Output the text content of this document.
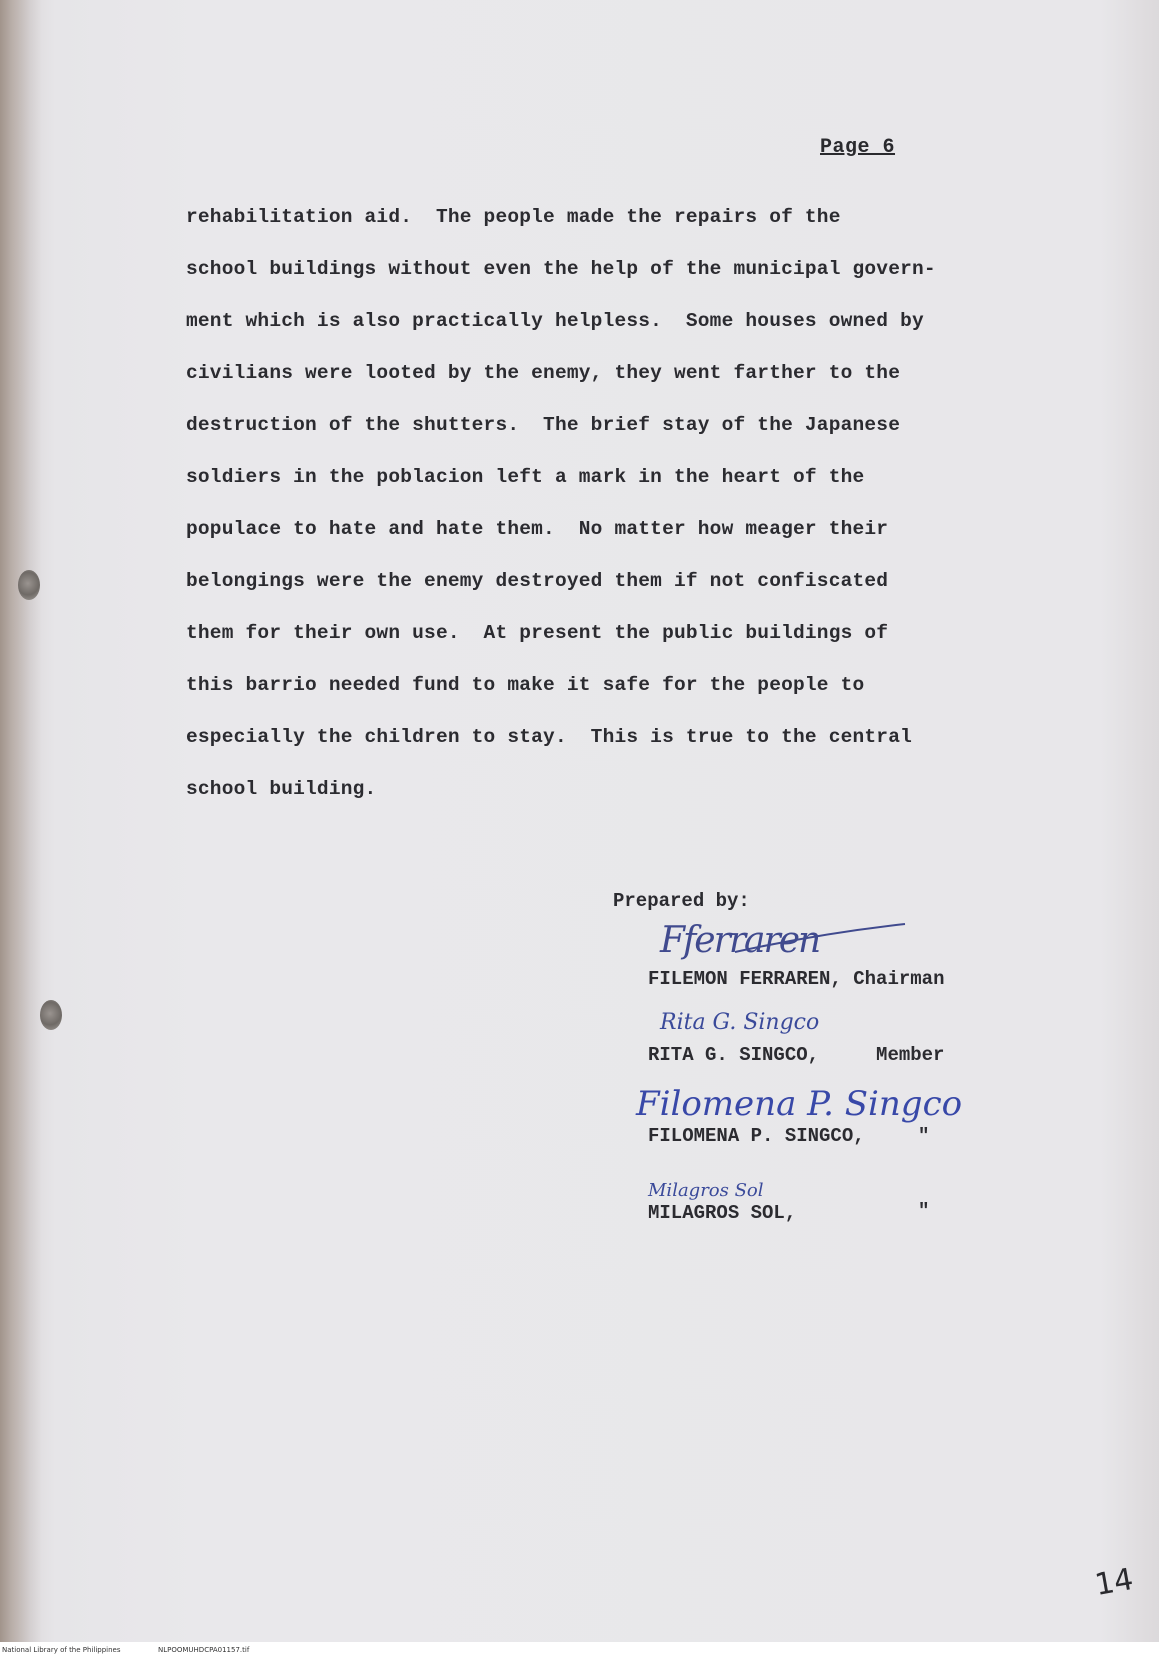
Page 6
rehabilitation aid.  The people made the repairs of the
school buildings without even the help of the municipal govern-
ment which is also practically helpless.  Some houses owned by
civilians were looted by the enemy, they went farther to the
destruction of the shutters.  The brief stay of the Japanese
soldiers in the poblacion left a mark in the heart of the
populace to hate and hate them.  No matter how meager their
belongings were the enemy destroyed them if not confiscated
them for their own use.  At present the public buildings of
this barrio needed fund to make it safe for the people to
especially the children to stay.  This is true to the central
school building.
Prepared by:
Fferraren
FILEMON FERRAREN, Chairman
Rita G. Singco
RITA G. SINGCO,	Member
Filomena P. Singco
FILOMENA P. SINGCO,	"
Milagros Sol
MILAGROS SOL,	"
14
National Library of the Philippines	NLPOOMUHDCPA01157.tif
